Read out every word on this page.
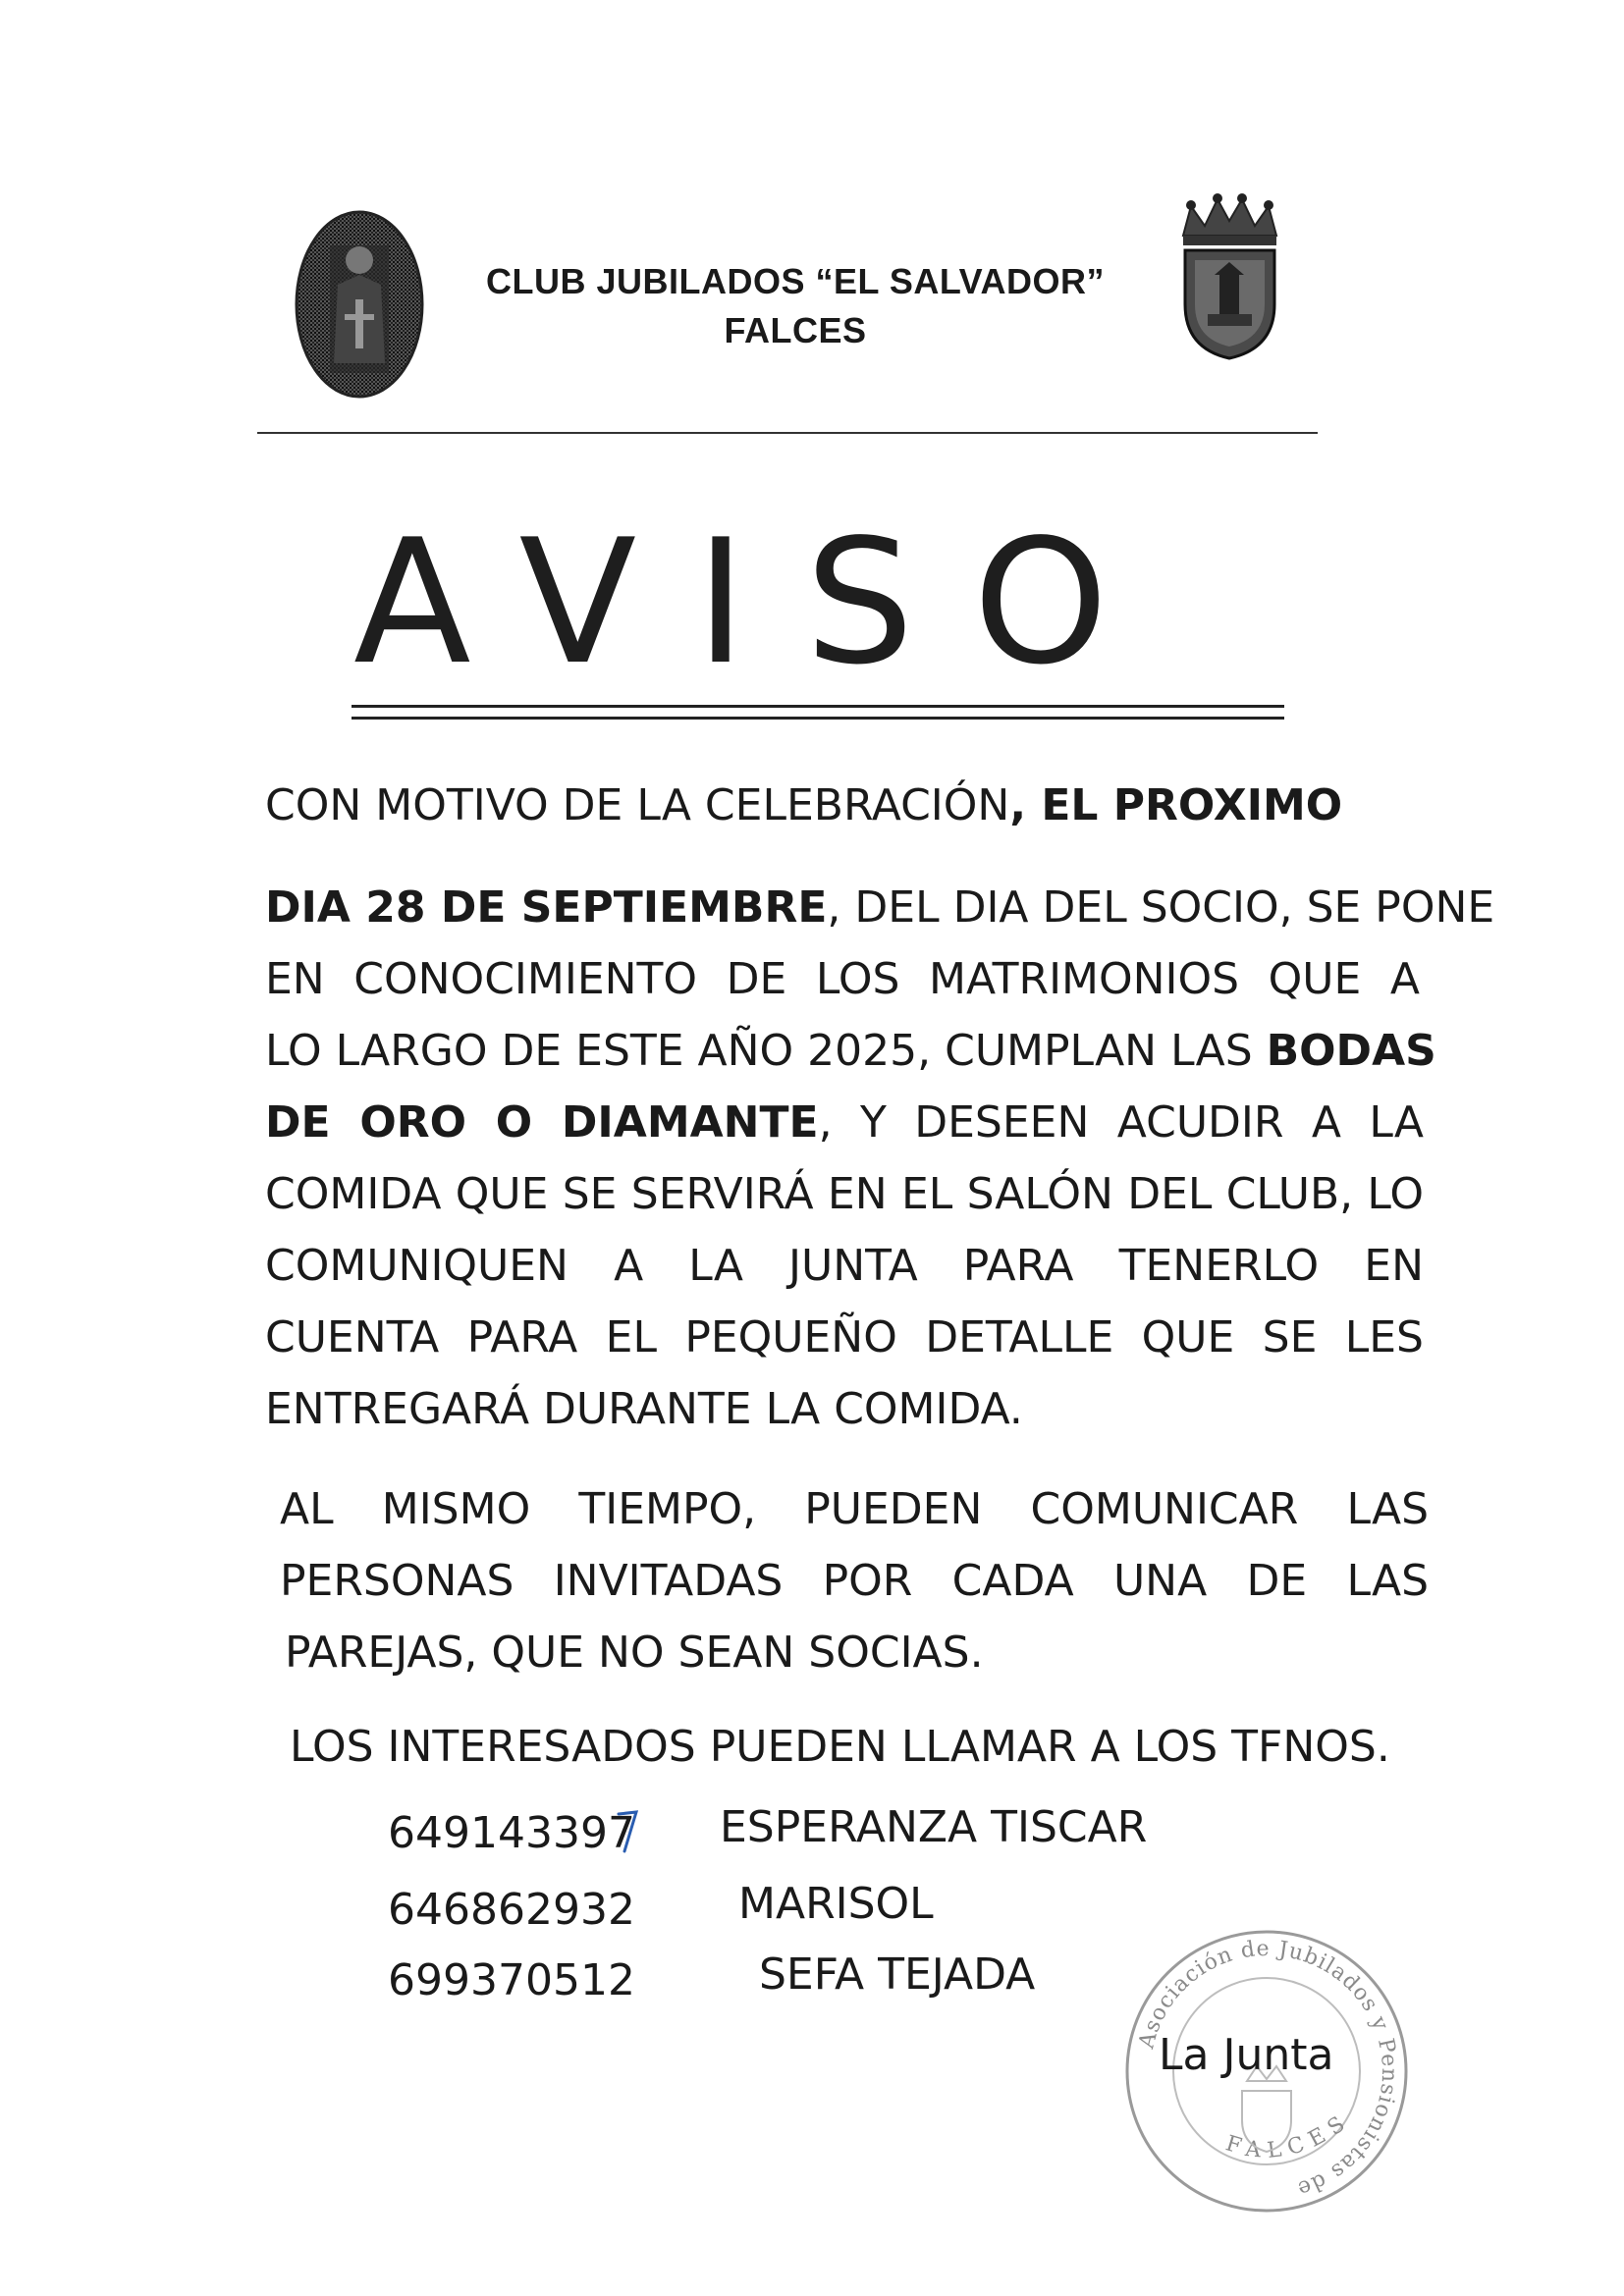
CLUB JUBILADOS “EL SALVADOR”
FALCES
AVISO
CON MOTIVO DE LA CELEBRACIÓN, EL PROXIMO
DIA 28 DE SEPTIEMBRE, DEL DIA DEL SOCIO, SE PONE
EN CONOCIMIENTO DE LOS MATRIMONIOS QUE A
LO LARGO DE ESTE AÑO 2025, CUMPLAN LAS BODAS
DE ORO O DIAMANTE, Y DESEEN ACUDIR A LA
COMIDA QUE SE SERVIRÁ EN EL SALÓN DEL CLUB, LO
COMUNIQUEN A LA JUNTA PARA TENERLO EN
CUENTA PARA EL PEQUEÑO DETALLE QUE SE LES
ENTREGARÁ DURANTE LA COMIDA.
AL MISMO TIEMPO, PUEDEN COMUNICAR LAS
PERSONAS INVITADAS POR CADA UNA DE LAS
PAREJAS, QUE NO SEAN SOCIAS.
LOS INTERESADOS PUEDEN LLAMAR A LOS TFNOS.
649143397 ESPERANZA TISCAR
646862932 MARISOL
699370512	SEFA TEJADA
Asociación de Jubilados y Pensionistas de
FALCES
La Junta
